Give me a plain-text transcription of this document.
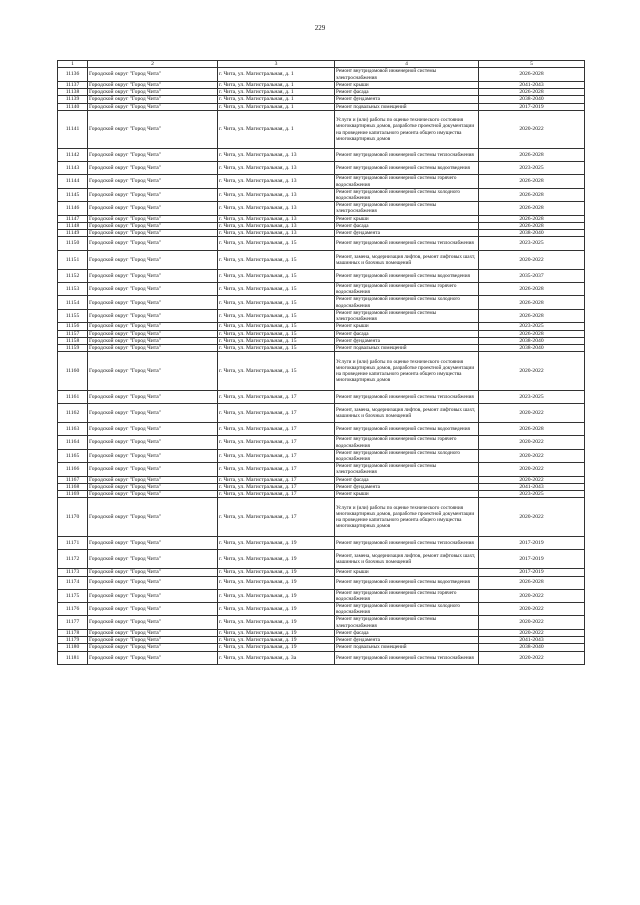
229
1	2	3	4	5
11136	Городской округ "Город Чита"	г. Чита, ул. Магистральная, д. 1	Ремонт внутридомовой инженерной системы электроснабжения	2026-2028
11137	Городской округ "Город Чита"	г. Чита, ул. Магистральная, д. 1	Ремонт крыши	2041-2043
11138	Городской округ "Город Чита"	г. Чита, ул. Магистральная, д. 1	Ремонт фасада	2026-2028
11139	Городской округ "Город Чита"	г. Чита, ул. Магистральная, д. 1	Ремонт фундамента	2038-2040
11140	Городской округ "Город Чита"	г. Чита, ул. Магистральная, д. 1	Ремонт подвальных помещений	2017-2019
11141	Городской округ "Город Чита"	г. Чита, ул. Магистральная, д. 1	Услуги и (или) работы по оценке технического состояния многоквартирных домов, разработке проектной документации на проведение капитального ремонта общего имущества многоквартирных домов	2020-2022
11142	Городской округ "Город Чита"	г. Чита, ул. Магистральная, д. 13	Ремонт внутридомовой инженерной системы теплоснабжения	2026-2028
11143	Городской округ "Город Чита"	г. Чита, ул. Магистральная, д. 13	Ремонт внутридомовой инженерной системы водоотведения	2023-2025
11144	Городской округ "Город Чита"	г. Чита, ул. Магистральная, д. 13	Ремонт внутридомовой инженерной системы горячего водоснабжения	2026-2028
11145	Городской округ "Город Чита"	г. Чита, ул. Магистральная, д. 13	Ремонт внутридомовой инженерной системы холодного водоснабжения	2026-2028
11146	Городской округ "Город Чита"	г. Чита, ул. Магистральная, д. 13	Ремонт внутридомовой инженерной системы электроснабжения	2026-2028
11147	Городской округ "Город Чита"	г. Чита, ул. Магистральная, д. 13	Ремонт крыши	2026-2028
11148	Городской округ "Город Чита"	г. Чита, ул. Магистральная, д. 13	Ремонт фасада	2026-2028
11149	Городской округ "Город Чита"	г. Чита, ул. Магистральная, д. 13	Ремонт фундамента	2038-2040
11150	Городской округ "Город Чита"	г. Чита, ул. Магистральная, д. 15	Ремонт внутридомовой инженерной системы теплоснабжения	2023-2025
11151	Городской округ "Город Чита"	г. Чита, ул. Магистральная, д. 15	Ремонт, замена, модернизация лифтов, ремонт лифтовых шахт, машинных и блочных помещений	2020-2022
11152	Городской округ "Город Чита"	г. Чита, ул. Магистральная, д. 15	Ремонт внутридомовой инженерной системы водоотведения	2035-2037
11153	Городской округ "Город Чита"	г. Чита, ул. Магистральная, д. 15	Ремонт внутридомовой инженерной системы горячего водоснабжения	2026-2028
11154	Городской округ "Город Чита"	г. Чита, ул. Магистральная, д. 15	Ремонт внутридомовой инженерной системы холодного водоснабжения	2026-2028
11155	Городской округ "Город Чита"	г. Чита, ул. Магистральная, д. 15	Ремонт внутридомовой инженерной системы электроснабжения	2026-2028
11156	Городской округ "Город Чита"	г. Чита, ул. Магистральная, д. 15	Ремонт крыши	2023-2025
11157	Городской округ "Город Чита"	г. Чита, ул. Магистральная, д. 15	Ремонт фасада	2026-2028
11158	Городской округ "Город Чита"	г. Чита, ул. Магистральная, д. 15	Ремонт фундамента	2038-2040
11159	Городской округ "Город Чита"	г. Чита, ул. Магистральная, д. 15	Ремонт подвальных помещений	2038-2040
11160	Городской округ "Город Чита"	г. Чита, ул. Магистральная, д. 15	Услуги и (или) работы по оценке технического состояния многоквартирных домов, разработке проектной документации на проведение капитального ремонта общего имущества многоквартирных домов	2020-2022
11161	Городской округ "Город Чита"	г. Чита, ул. Магистральная, д. 17	Ремонт внутридомовой инженерной системы теплоснабжения	2023-2025
11162	Городской округ "Город Чита"	г. Чита, ул. Магистральная, д. 17	Ремонт, замена, модернизация лифтов, ремонт лифтовых шахт, машинных и блочных помещений	2020-2022
11163	Городской округ "Город Чита"	г. Чита, ул. Магистральная, д. 17	Ремонт внутридомовой инженерной системы водоотведения	2026-2028
11164	Городской округ "Город Чита"	г. Чита, ул. Магистральная, д. 17	Ремонт внутридомовой инженерной системы горячего водоснабжения	2020-2022
11165	Городской округ "Город Чита"	г. Чита, ул. Магистральная, д. 17	Ремонт внутридомовой инженерной системы холодного водоснабжения	2020-2022
11166	Городской округ "Город Чита"	г. Чита, ул. Магистральная, д. 17	Ремонт внутридомовой инженерной системы электроснабжения	2020-2022
11167	Городской округ "Город Чита"	г. Чита, ул. Магистральная, д. 17	Ремонт фасада	2020-2022
11168	Городской округ "Город Чита"	г. Чита, ул. Магистральная, д. 17	Ремонт фундамента	2041-2043
11169	Городской округ "Город Чита"	г. Чита, ул. Магистральная, д. 17	Ремонт крыши	2023-2025
11170	Городской округ "Город Чита"	г. Чита, ул. Магистральная, д. 17	Услуги и (или) работы по оценке технического состояния многоквартирных домов, разработке проектной документации на проведение капитального ремонта общего имущества многоквартирных домов	2020-2022
11171	Городской округ "Город Чита"	г. Чита, ул. Магистральная, д. 19	Ремонт внутридомовой инженерной системы теплоснабжения	2017-2019
11172	Городской округ "Город Чита"	г. Чита, ул. Магистральная, д. 19	Ремонт, замена, модернизация лифтов, ремонт лифтовых шахт, машинных и блочных помещений	2017-2019
11173	Городской округ "Город Чита"	г. Чита, ул. Магистральная, д. 19	Ремонт крыши	2017-2019
11174	Городской округ "Город Чита"	г. Чита, ул. Магистральная, д. 19	Ремонт внутридомовой инженерной системы водоотведения	2026-2028
11175	Городской округ "Город Чита"	г. Чита, ул. Магистральная, д. 19	Ремонт внутридомовой инженерной системы горячего водоснабжения	2020-2022
11176	Городской округ "Город Чита"	г. Чита, ул. Магистральная, д. 19	Ремонт внутридомовой инженерной системы холодного водоснабжения	2020-2022
11177	Городской округ "Город Чита"	г. Чита, ул. Магистральная, д. 19	Ремонт внутридомовой инженерной системы электроснабжения	2020-2022
11178	Городской округ "Город Чита"	г. Чита, ул. Магистральная, д. 19	Ремонт фасада	2020-2022
11179	Городской округ "Город Чита"	г. Чита, ул. Магистральная, д. 19	Ремонт фундамента	2041-2043
11180	Городской округ "Город Чита"	г. Чита, ул. Магистральная, д. 19	Ремонт подвальных помещений	2038-2040
11181	Городской округ "Город Чита"	г. Чита, ул. Магистральная, д. 3а	Ремонт внутридомовой инженерной системы теплоснабжения	2020-2022
